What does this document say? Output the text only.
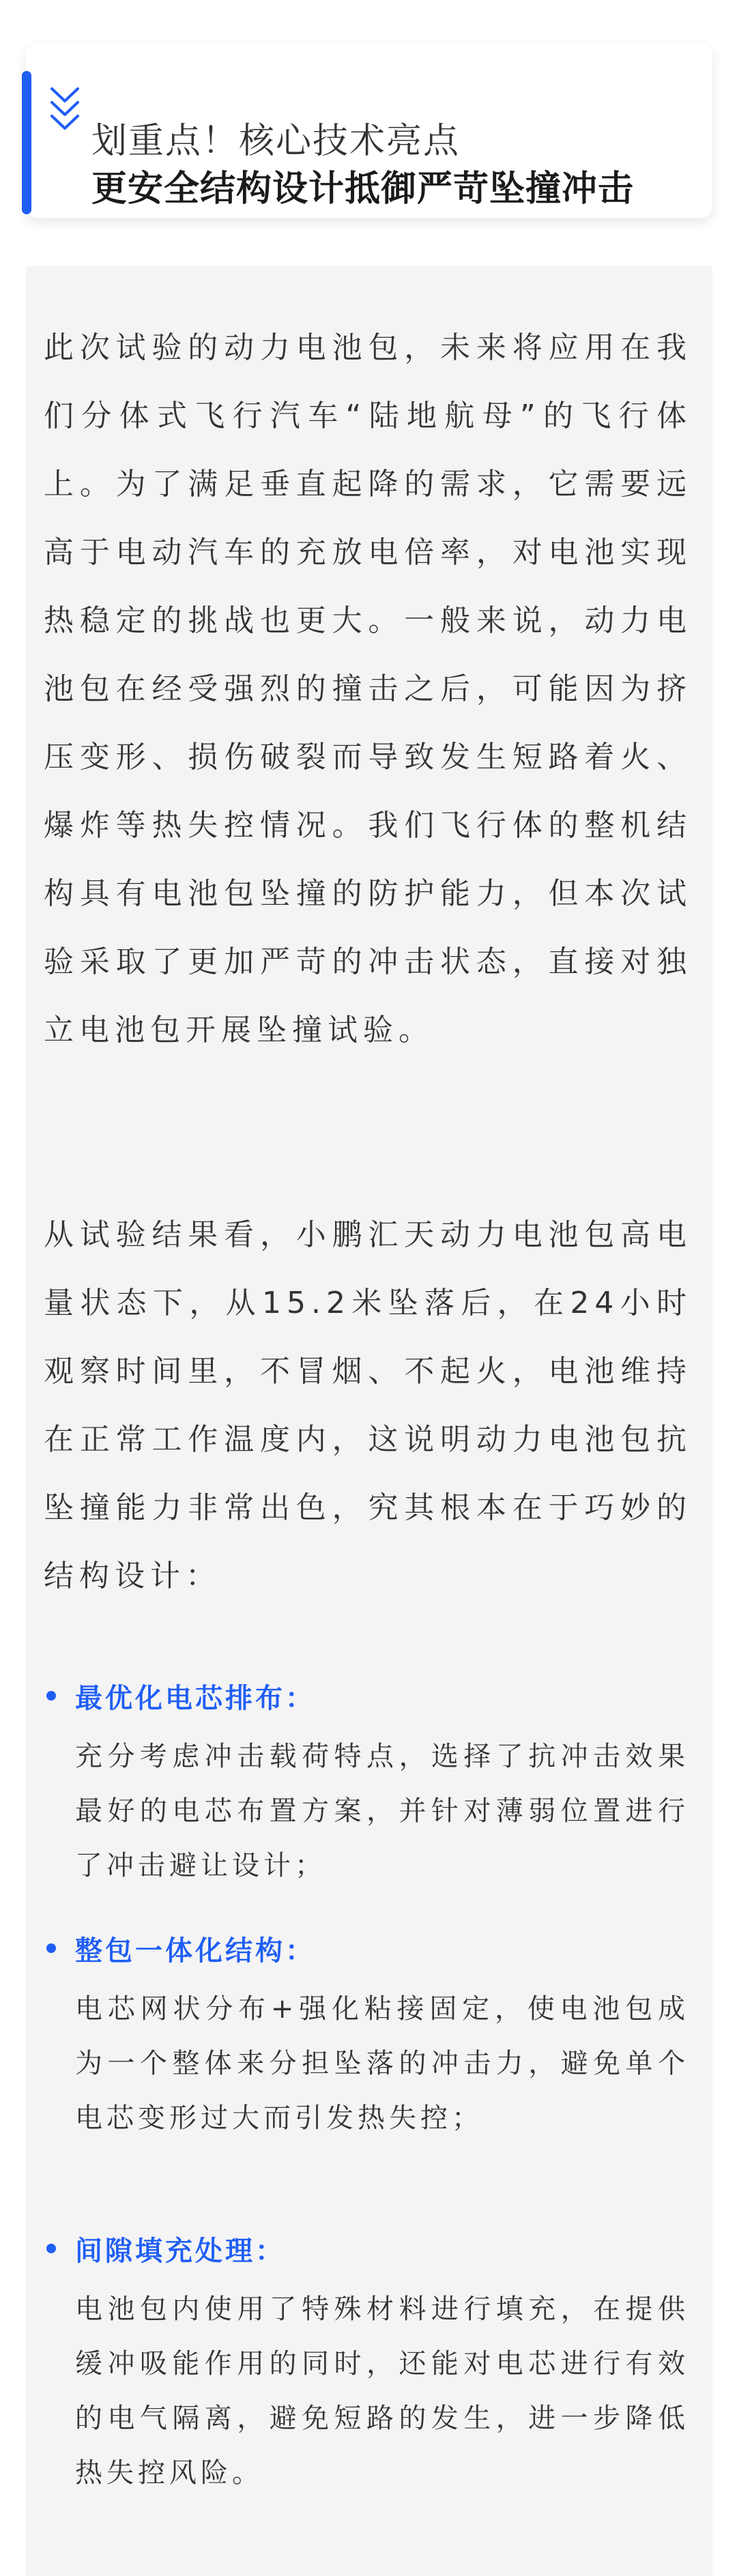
划重点！核心技术亮点
更安全结构设计抵御严苛坠撞冲击

此次试验的动力电池包，未来将应用在我们分体式飞行汽车“陆地航母”的飞行体上。为了满足垂直起降的需求，它需要远高于电动汽车的充放电倍率，对电池实现热稳定的挑战也更大。一般来说，动力电池包在经受强烈的撞击之后，可能因为挤压变形、损伤破裂而导致发生短路着火、爆炸等热失控情况。我们飞行体的整机结构具有电池包坠撞的防护能力，但本次试验采取了更加严苛的冲击状态，直接对独立电池包开展坠撞试验。

从试验结果看，小鹏汇天动力电池包高电量状态下，从15.2米坠落后，在24小时观察时间里，不冒烟、不起火，电池维持在正常工作温度内，这说明动力电池包抗坠撞能力非常出色，究其根本在于巧妙的结构设计：

最优化电芯排布：

充分考虑冲击载荷特点，选择了抗冲击效果最好的电芯布置方案，并针对薄弱位置进行了冲击避让设计；

整包一体化结构：

电芯网状分布+强化粘接固定，使电池包成为一个整体来分担坠落的冲击力，避免单个电芯变形过大而引发热失控；

间隙填充处理：

电池包内使用了特殊材料进行填充，在提供缓冲吸能作用的同时，还能对电芯进行有效的电气隔离，避免短路的发生，进一步降低热失控风险。
